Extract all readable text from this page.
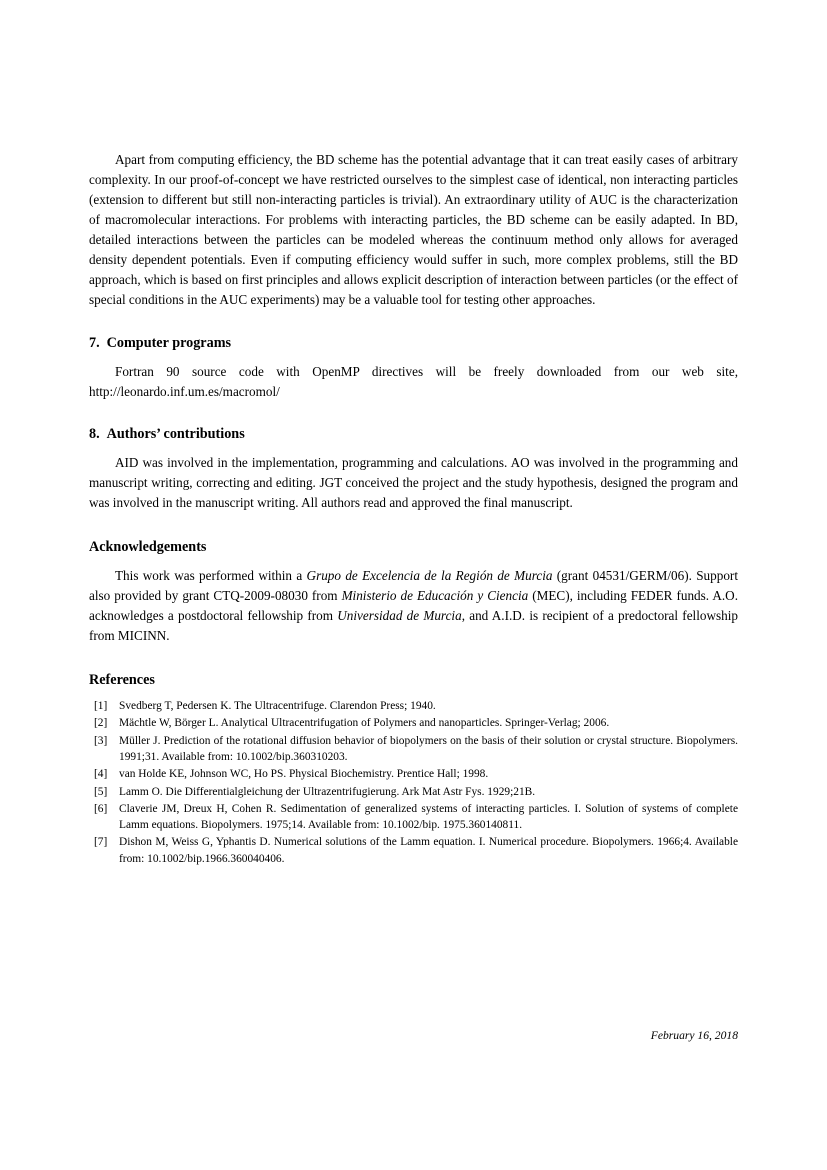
Apart from computing efficiency, the BD scheme has the potential advantage that it can treat easily cases of arbitrary complexity. In our proof-of-concept we have restricted ourselves to the simplest case of identical, non interacting particles (extension to different but still non-interacting particles is trivial). An extraordinary utility of AUC is the characterization of macromolecular interactions. For problems with interacting particles, the BD scheme can be easily adapted. In BD, detailed interactions between the particles can be modeled whereas the continuum method only allows for averaged density dependent potentials. Even if computing efficiency would suffer in such, more complex problems, still the BD approach, which is based on first principles and allows explicit description of interaction between particles (or the effect of special conditions in the AUC experiments) may be a valuable tool for testing other approaches.

7. Computer programs

Fortran 90 source code with OpenMP directives will be freely downloaded from our web site, http://leonardo.inf.um.es/macromol/

8. Authors’ contributions

AID was involved in the implementation, programming and calculations. AO was involved in the programming and manuscript writing, correcting and editing. JGT conceived the project and the study hypothesis, designed the program and was involved in the manuscript writing. All authors read and approved the final manuscript.

Acknowledgements

This work was performed within a Grupo de Excelencia de la Región de Murcia (grant 04531/GERM/06). Support also provided by grant CTQ-2009-08030 from Ministerio de Educación y Ciencia (MEC), including FEDER funds. A.O. acknowledges a postdoctoral fellowship from Universidad de Murcia, and A.I.D. is recipient of a predoctoral fellowship from MICINN.

References
[1]	Svedberg T, Pedersen K. The Ultracentrifuge. Clarendon Press; 1940.
[2]	Mächtle W, Börger L. Analytical Ultracentrifugation of Polymers and nanoparticles. Springer-Verlag; 2006.
[3]	Müller J. Prediction of the rotational diffusion behavior of biopolymers on the basis of their solution or crystal structure. Biopolymers. 1991;31. Available from: 10.1002/bip.360310203.
[4]	van Holde KE, Johnson WC, Ho PS. Physical Biochemistry. Prentice Hall; 1998.
[5]	Lamm O. Die Differentialgleichung der Ultrazentrifugierung. Ark Mat Astr Fys. 1929;21B.
[6]	Claverie JM, Dreux H, Cohen R. Sedimentation of generalized systems of interacting particles. I. Solution of systems of complete Lamm equations. Biopolymers. 1975;14. Available from: 10.1002/bip. 1975.360140811.
[7]	Dishon M, Weiss G, Yphantis D. Numerical solutions of the Lamm equation. I. Numerical procedure. Biopolymers. 1966;4. Available from: 10.1002/bip.1966.360040406.
February 16, 2018
